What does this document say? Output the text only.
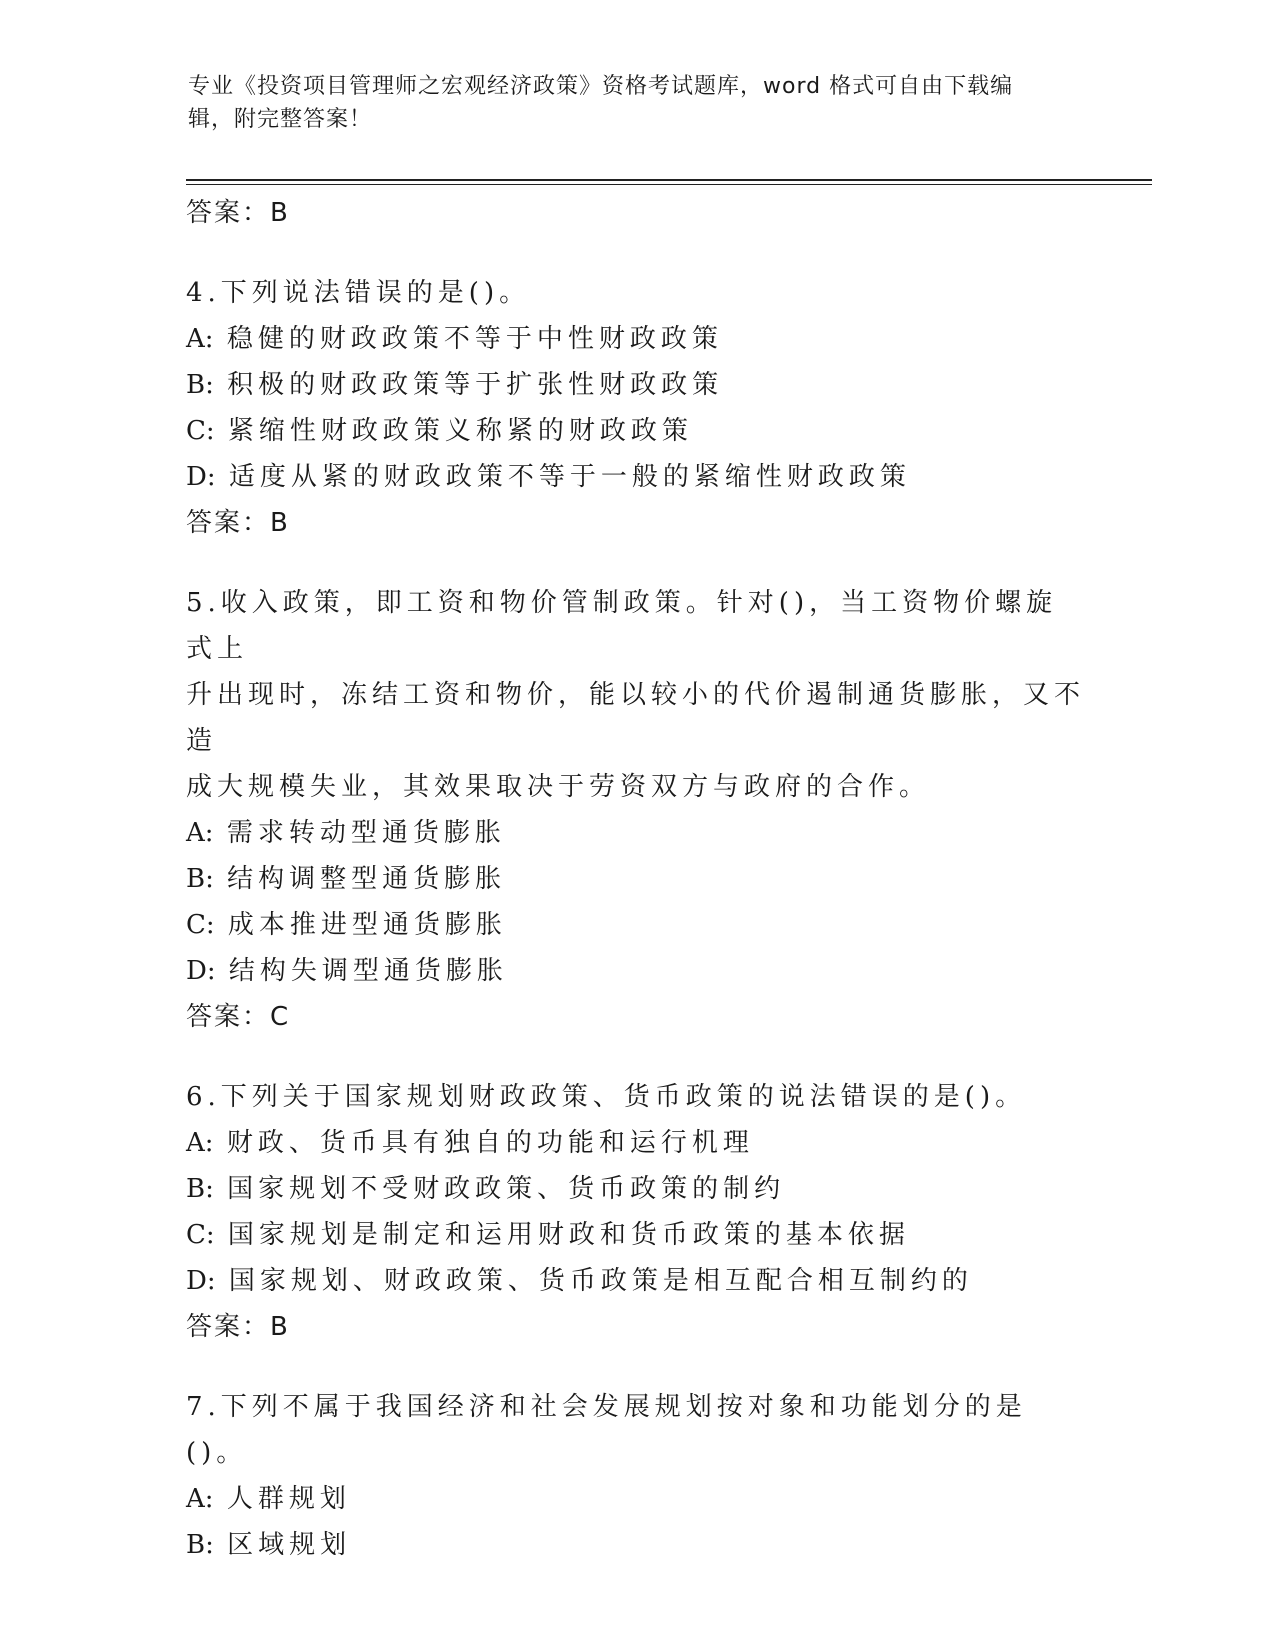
专业《投资项目管理师之宏观经济政策》资格考试题库，word 格式可自由下载编
辑，附完整答案！
答案：B
4.下列说法错误的是()。
A: 稳健的财政政策不等于中性财政政策
B: 积极的财政政策等于扩张性财政政策
C: 紧缩性财政政策义称紧的财政政策
D: 适度从紧的财政政策不等于一般的紧缩性财政政策
答案：B
5.收入政策，即工资和物价管制政策。针对()，当工资物价螺旋式上
升出现时，冻结工资和物价，能以较小的代价遏制通货膨胀，又不造
成大规模失业，其效果取决于劳资双方与政府的合作。
A: 需求转动型通货膨胀
B: 结构调整型通货膨胀
C: 成本推进型通货膨胀
D: 结构失调型通货膨胀
答案：C
6.下列关于国家规划财政政策、货币政策的说法错误的是()。
A: 财政、货币具有独自的功能和运行机理
B: 国家规划不受财政政策、货币政策的制约
C: 国家规划是制定和运用财政和货币政策的基本依据
D: 国家规划、财政政策、货币政策是相互配合相互制约的
答案：B
7.下列不属于我国经济和社会发展规划按对象和功能划分的是()。
A: 人群规划
B: 区域规划
